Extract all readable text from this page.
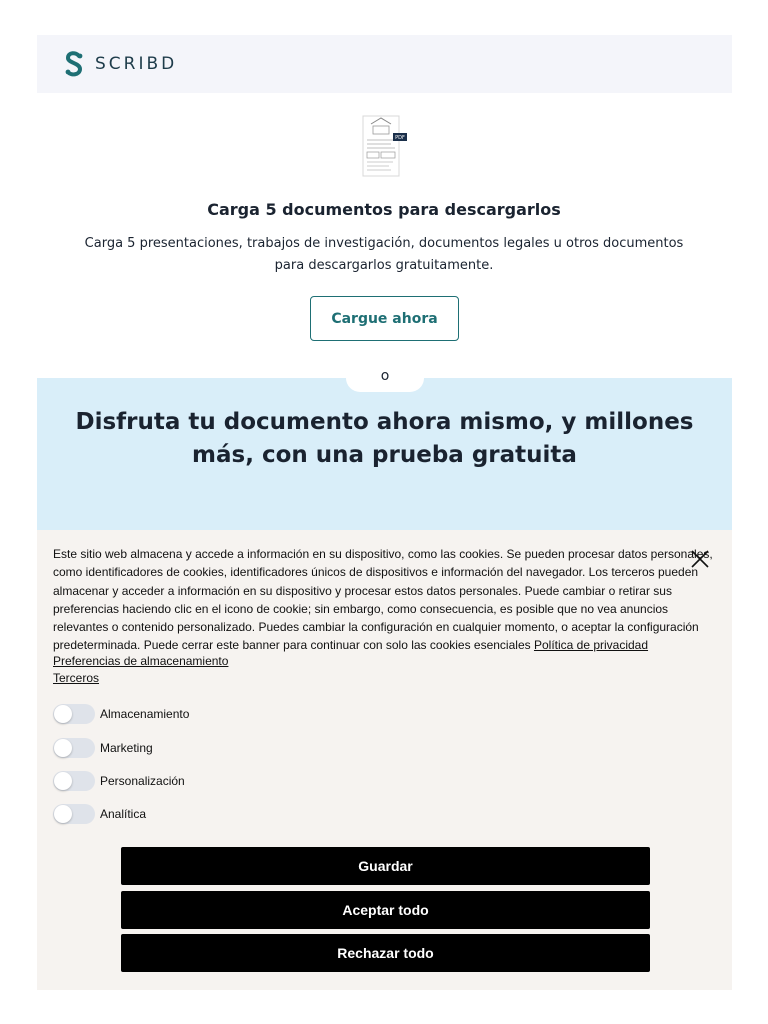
SCRIBD
PDF
Carga 5 documentos para descargarlos
Carga 5 presentaciones, trabajos de investigación, documentos legales u otros documentos para descargarlos gratuitamente.
Cargue ahora
o
Disfruta tu documento ahora mismo, y millones más, con una prueba gratuita
Este sitio web almacena y accede a información en su dispositivo, como las cookies. Se pueden procesar datos personales, como identificadores de cookies, identificadores únicos de dispositivos e información del navegador. Los terceros pueden almacenar y acceder a información en su dispositivo y procesar estos datos personales. Puede cambiar o retirar sus preferencias haciendo clic en el icono de cookie; sin embargo, como consecuencia, es posible que no vea anuncios relevantes o contenido personalizado. Puedes cambiar la configuración en cualquier momento, o aceptar la configuración predeterminada. Puede cerrar este banner para continuar con solo las cookies esenciales Política de privacidad
Preferencias de almacenamiento
Terceros
Almacenamiento
Marketing
Personalización
Analítica
Guardar
Aceptar todo
Rechazar todo
